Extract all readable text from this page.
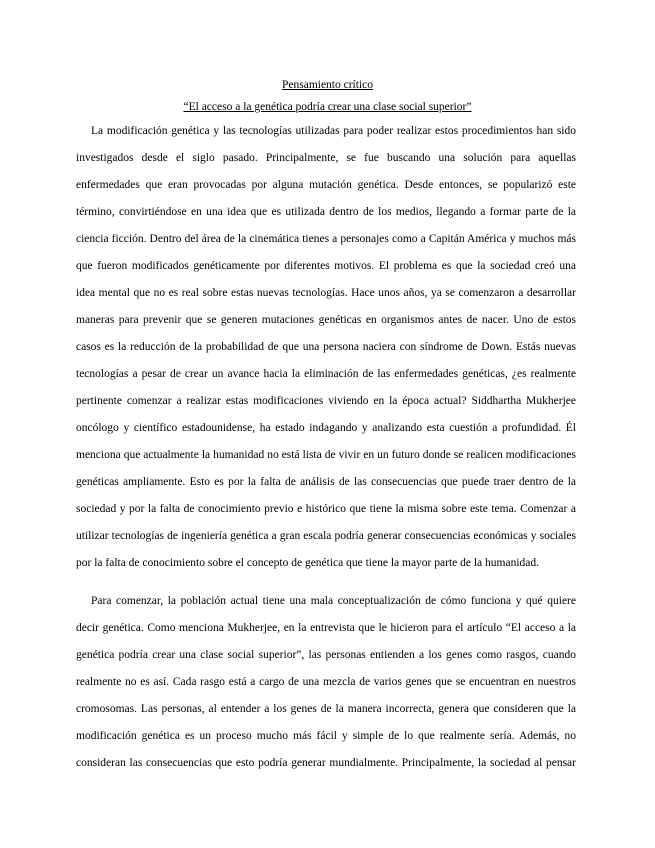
Pensamiento crítico
“El acceso a la genética podría crear una clase social superior”
La modificación genética y las tecnologías utilizadas para poder realizar estos procedimientos han sido
investigados desde el siglo pasado. Principalmente, se fue buscando una solución para aquellas
enfermedades que eran provocadas por alguna mutación genética. Desde entonces, se popularizó este
término, convirtiéndose en una idea que es utilizada dentro de los medios, llegando a formar parte de la
ciencia ficción. Dentro del área de la cinemática tienes a personajes como a Capitán América y muchos más
que fueron modificados genéticamente por diferentes motivos. El problema es que la sociedad creó una
idea mental que no es real sobre estas nuevas tecnologías. Hace unos años, ya se comenzaron a desarrollar
maneras para prevenir que se generen mutaciones genéticas en organismos antes de nacer. Uno de estos
casos es la reducción de la probabilidad de que una persona naciera con síndrome de Down. Estás nuevas
tecnologías a pesar de crear un avance hacia la eliminación de las enfermedades genéticas, ¿es realmente
pertinente comenzar a realizar estas modificaciones viviendo en la época actual? Siddhartha Mukherjee
oncólogo y científico estadounidense, ha estado indagando y analizando esta cuestión a profundidad. Él
menciona que actualmente la humanidad no está lista de vivir en un futuro donde se realicen modificaciones
genéticas ampliamente. Esto es por la falta de análisis de las consecuencias que puede traer dentro de la
sociedad y por la falta de conocimiento previo e histórico que tiene la misma sobre este tema. Comenzar a
utilizar tecnologías de ingeniería genética a gran escala podría generar consecuencias económicas y sociales
por la falta de conocimiento sobre el concepto de genética que tiene la mayor parte de la humanidad.
Para comenzar, la población actual tiene una mala conceptualización de cómo funciona y qué quiere
decir genética. Como menciona Mukherjee, en la entrevista que le hicieron para el artículo “El acceso a la
genética podría crear una clase social superior”, las personas entienden a los genes como rasgos, cuando
realmente no es así. Cada rasgo está a cargo de una mezcla de varios genes que se encuentran en nuestros
cromosomas. Las personas, al entender a los genes de la manera incorrecta, genera que consideren que la
modificación genética es un proceso mucho más fácil y simple de lo que realmente sería. Además, no
consideran las consecuencias que esto podría generar mundialmente. Principalmente, la sociedad al pensar
